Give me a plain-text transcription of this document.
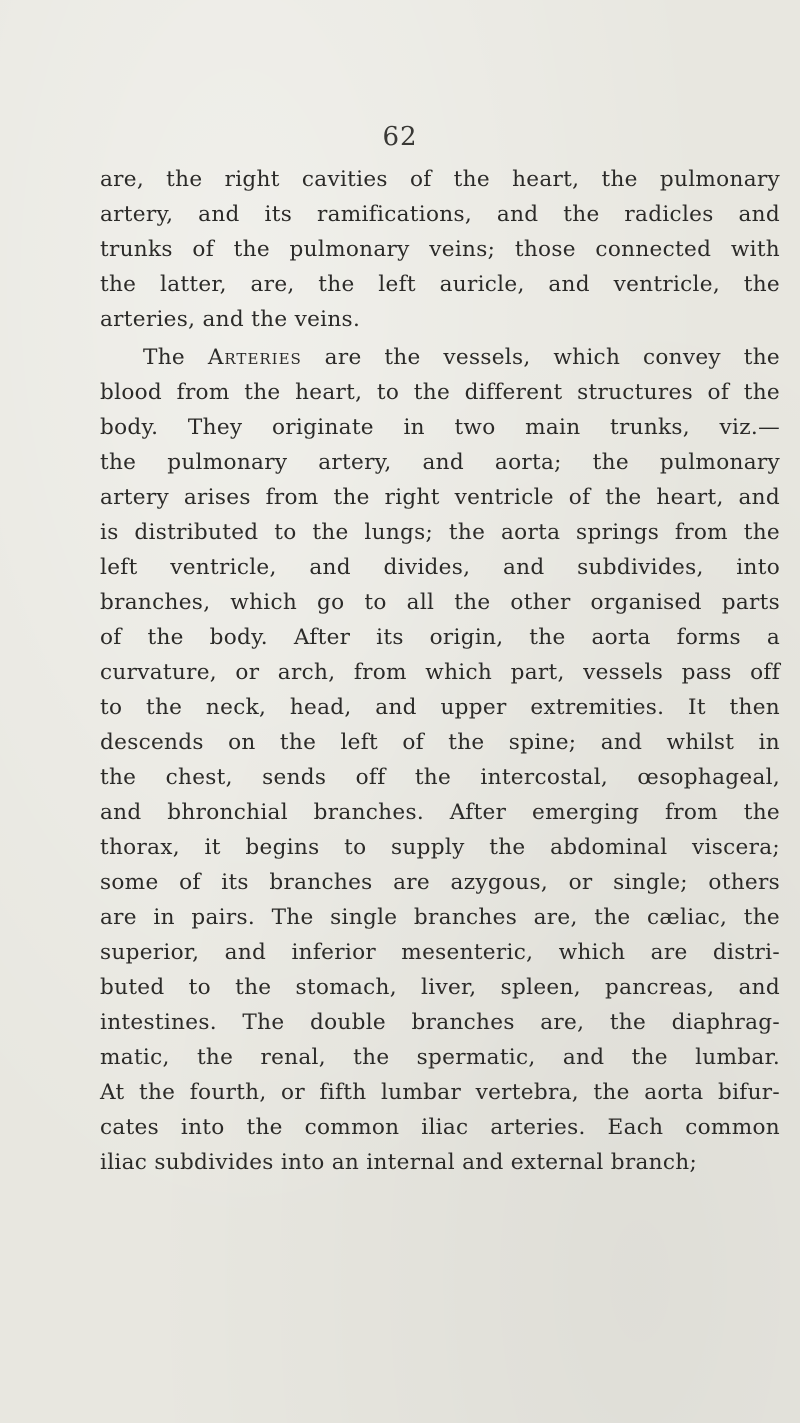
62
are, the right cavities of the heart, the pulmonary
artery, and its ramifications, and the radicles and
trunks of the pulmonary veins; those connected with
the latter, are, the left auricle, and ventricle, the
arteries, and the veins.
The Arteries are the vessels, which convey the
blood from the heart, to the different structures of the
body. They originate in two main trunks, viz.—
the pulmonary artery, and aorta; the pulmonary
artery arises from the right ventricle of the heart, and
is distributed to the lungs; the aorta springs from the
left ventricle, and divides, and subdivides, into
branches, which go to all the other organised parts
of the body. After its origin, the aorta forms a
curvature, or arch, from which part, vessels pass off
to the neck, head, and upper extremities. It then
descends on the left of the spine; and whilst in
the chest, sends off the intercostal, œsophageal,
and bhronchial branches. After emerging from the
thorax, it begins to supply the abdominal viscera;
some of its branches are azygous, or single; others
are in pairs. The single branches are, the cæliac, the
superior, and inferior mesenteric, which are distri-
buted to the stomach, liver, spleen, pancreas, and
intestines. The double branches are, the diaphrag-
matic, the renal, the spermatic, and the lumbar.
At the fourth, or fifth lumbar vertebra, the aorta bifur-
cates into the common iliac arteries. Each common
iliac subdivides into an internal and external branch;
